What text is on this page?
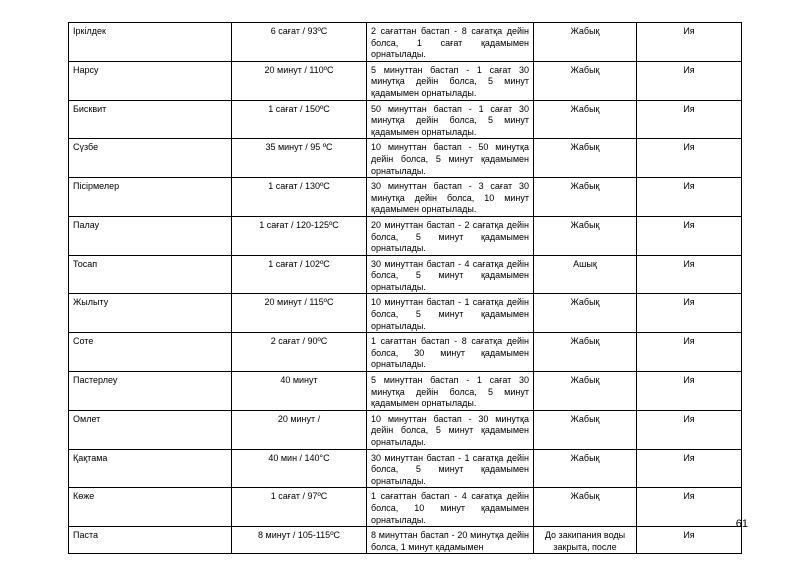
Іркілдек	6 сағат / 93ºС	2 сағаттан бастап - 8 сағатқа дейін болса, 1 сағат қадамымен орнатылады.	Жабық	Ия
Нарсу	20 минут / 110ºС	5 минуттан бастап - 1 сағат 30 минутқа дейін болса, 5 минут қадамымен орнатылады.	Жабық	Ия
Бисквит	1 сағат / 150ºС	50 минуттан бастап - 1 сағат 30 минутқа дейін болса, 5 минут қадамымен орнатылады.	Жабық	Ия
Сүзбе	35 минут / 95 ºС	10 минуттан бастап - 50 минутқа дейін болса, 5 минут қадамымен орнатылады.	Жабық	Ия
Пісірмелер	1 сағат / 130ºС	30 минуттан бастап - 3 сағат 30 минутқа дейін болса, 10 минут қадамымен орнатылады.	Жабық	Ия
Палау	1 сағат / 120-125ºС	20 минуттан бастап - 2 сағатқа дейін болса, 5 минут қадамымен орнатылады.	Жабық	Ия
Тосап	1 сағат / 102ºС	30 минуттан бастап - 4 сағатқа дейін болса, 5 минут қадамымен орнатылады.	Ашық	Ия
Жылыту	20 минут / 115ºС	10 минуттан бастап - 1 сағатқа дейін болса, 5 минут қадамымен орнатылады.	Жабық	Ия
Соте	2 сағат / 90ºС	1 сағаттан бастап - 8 сағатқа дейін болса, 30 минут қадамымен орнатылады.	Жабық	Ия
Пастерлеу	40 минут	5 минуттан бастап - 1 сағат 30 минутқа дейін болса, 5 минут қадамымен орнатылады.	Жабық	Ия
Омлет	20 минут /	10 минуттан бастап - 30 минутқа дейін болса, 5 минут қадамымен орнатылады.	Жабық	Ия
Қақтама	40 мин / 140°С	30 минуттан бастап - 1 сағатқа дейін болса, 5 минут қадамымен орнатылады.	Жабық	Ия
Көже	1 сағат / 97ºС	1 сағаттан бастап - 4 сағатқа дейін болса, 10 минут қадамымен орнатылады.	Жабық	Ия
Паста	8 минут / 105-115ºС	8 минуттан бастап - 20 минутқа дейін болса, 1 минут қадамымен	До закипания воды закрыта, после	Ия
61
